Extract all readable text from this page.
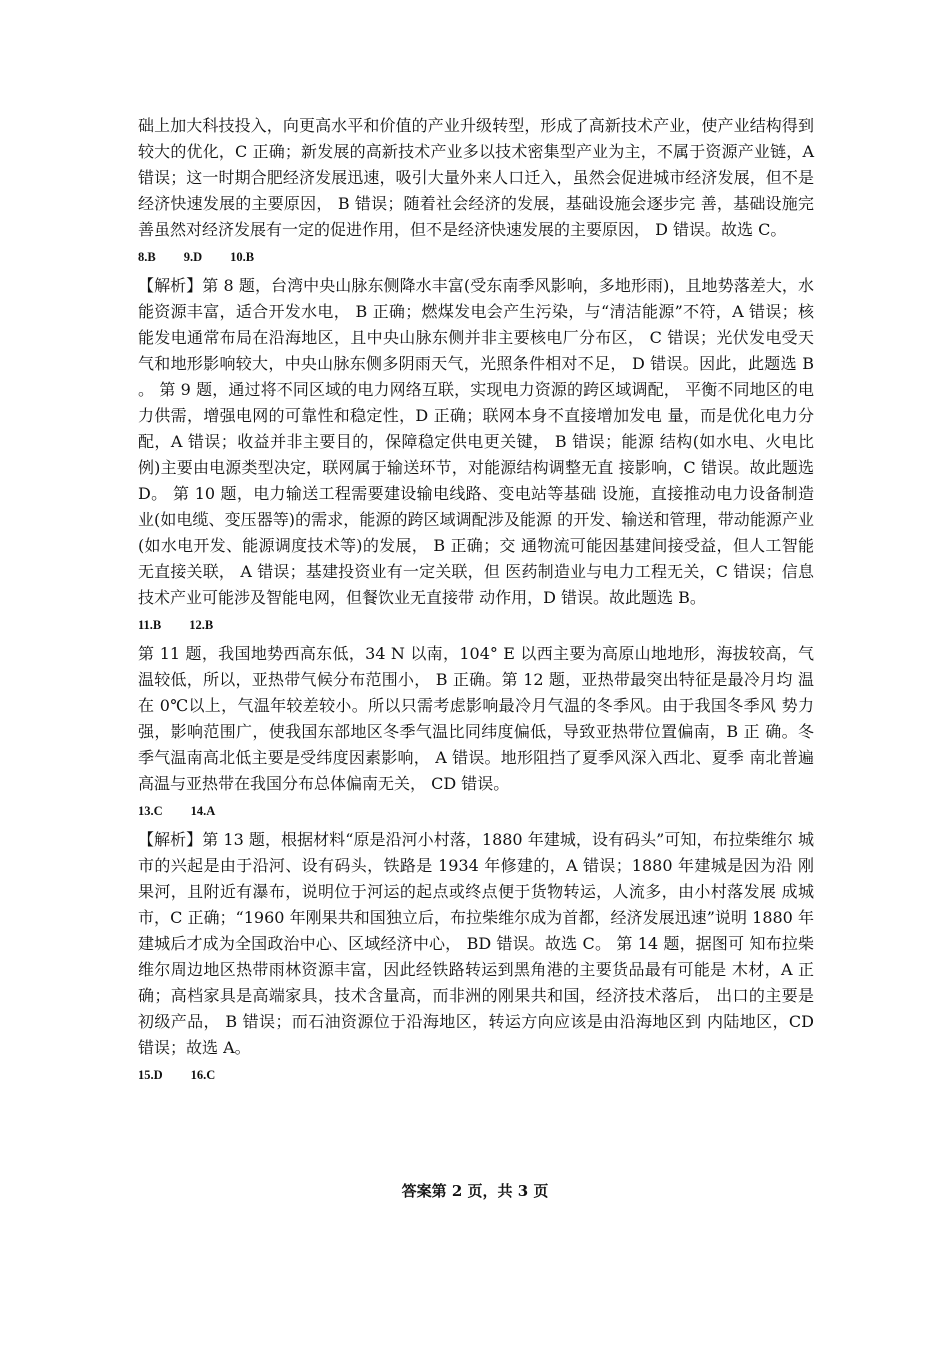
础上加大科技投入，向更高水平和价值的产业升级转型，形成了高新技术产业，使产业结构得到较大的优化，C 正确；新发展的高新技术产业多以技术密集型产业为主，不属于资源产业链，A 错误；这一时期合肥经济发展迅速，吸引大量外来人口迁入，虽然会促进城市经济发展，但不是经济快速发展的主要原因， B 错误；随着社会经济的发展，基础设施会逐步完 善，基础设施完善虽然对经济发展有一定的促进作用，但不是经济快速发展的主要原因， D 错误。故选 C。

8.B 9.D 10.B

【解析】第 8 题，台湾中央山脉东侧降水丰富(受东南季风影响，多地形雨)，且地势落差大，水能资源丰富，适合开发水电， B 正确；燃煤发电会产生污染，与“清洁能源”不符，A 错误；核能发电通常布局在沿海地区，且中央山脉东侧并非主要核电厂分布区， C 错误；光伏发电受天气和地形影响较大，中央山脉东侧多阴雨天气，光照条件相对不足， D 错误。因此，此题选 B 。 第 9 题，通过将不同区域的电力网络互联，实现电力资源的跨区域调配， 平衡不同地区的电力供需，增强电网的可靠性和稳定性，D 正确；联网本身不直接增加发电 量，而是优化电力分配，A 错误；收益并非主要目的，保障稳定供电更关键， B 错误；能源 结构(如水电、火电比例)主要由电源类型决定，联网属于输送环节，对能源结构调整无直 接影响，C 错误。故此题选 D。 第 10 题，电力输送工程需要建设输电线路、变电站等基础 设施，直接推动电力设备制造业(如电缆、变压器等)的需求，能源的跨区域调配涉及能源 的开发、输送和管理，带动能源产业(如水电开发、能源调度技术等)的发展， B 正确；交 通物流可能因基建间接受益，但人工智能无直接关联， A 错误；基建投资业有一定关联，但 医药制造业与电力工程无关，C 错误；信息技术产业可能涉及智能电网，但餐饮业无直接带 动作用，D 错误。故此题选 B。

11.B 12.B

第 11 题，我国地势西高东低，34 N 以南，104° E 以西主要为高原山地地形，海拔较高，气 温较低，所以，亚热带气候分布范围小， B 正确。第 12 题，亚热带最突出特征是最冷月均 温在 0℃以上，气温年较差较小。所以只需考虑影响最冷月气温的冬季风。由于我国冬季风 势力强，影响范围广，使我国东部地区冬季气温比同纬度偏低，导致亚热带位置偏南，B 正 确。冬季气温南高北低主要是受纬度因素影响， A 错误。地形阻挡了夏季风深入西北、夏季 南北普遍高温与亚热带在我国分布总体偏南无关， CD 错误。

13.C 14.A

【解析】第 13 题，根据材料“原是沿河小村落，1880 年建城，设有码头”可知，布拉柴维尔 城市的兴起是由于沿河、设有码头，铁路是 1934 年修建的，A 错误；1880 年建城是因为沿 刚果河，且附近有瀑布，说明位于河运的起点或终点便于货物转运，人流多，由小村落发展 成城市，C 正确；“1960 年刚果共和国独立后，布拉柴维尔成为首都，经济发展迅速”说明 1880 年建城后才成为全国政治中心、区域经济中心， BD 错误。故选 C。 第 14 题，据图可 知布拉柴维尔周边地区热带雨林资源丰富，因此经铁路转运到黑角港的主要货品最有可能是 木材，A 正确；高档家具是高端家具，技术含量高，而非洲的刚果共和国，经济技术落后， 出口的主要是初级产品， B 错误；而石油资源位于沿海地区，转运方向应该是由沿海地区到 内陆地区，CD 错误；故选 A。

15.D 16.C
答案第 2 页，共 3 页
